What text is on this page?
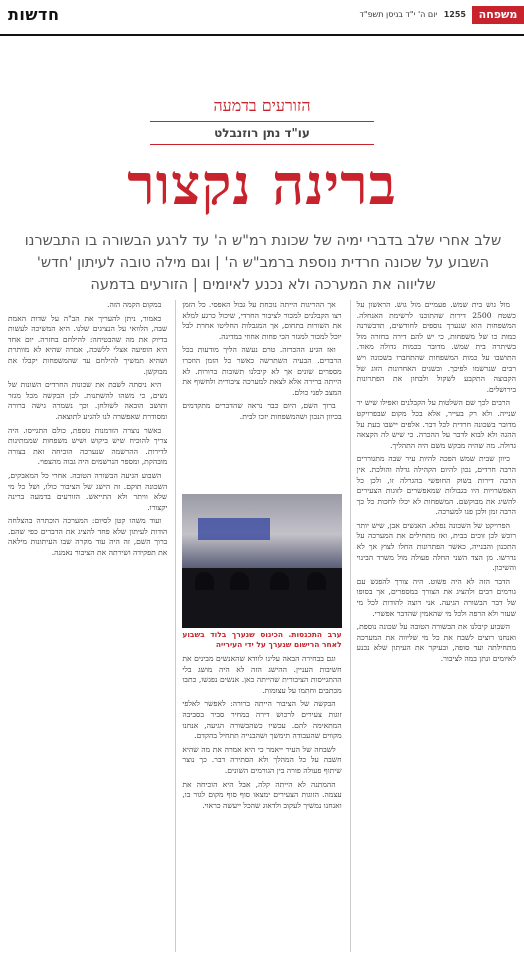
חדשות	1255 יום ה' י"ד בניסן תשפ"ד	משפחה
הזורעים בדמעה
עו"ד נתן רוזנבלט
ברינה נקצור
שלב אחרי שלב בדברי ימיה של שכונת רמ"ש ה' עד לרגע הבשורה בו התבשרנו השבוע על שכונה חרדית נוספת ברמב"ש ה' | וגם מילה טובה לעיתון 'חדש' שליווה את המערכה ולא נכנע לאיומים | הזורעים בדמעה

מול גוש בית שמש. פעמיים מול גוש. הראשון על כשטח 2500 דירות שהתוכנו לרשימת האנחלה. המשפחות הוא שנערך נוספים לחודשים, תדבשרנה כמות כו של משפחות, כי יש להם דירה בחזרה מול בשיתרה בית שמש. מדובר בכמות גדולה מאוד. התושבו על כמות המשפחות שהתחברו בשכונה ויש רבים שנרשמו לפיכך. ובשנים האחרונות הזוג של הקבוצה התקבע לשקול ולבחון את הפתרונות בירושלים.

הרבים לכך שם השלטות על הקבלנים ואפילו שיש יר שנייה. ולא רק בעייר, אלא בכל מקום שבפרויקט מדובר בשכונה חרדית לכל דבר. אלפים יישבו בעת על ההגה ולא לבוא לדבר על ההכרה. כי שיש לה הקצאה גדולה. מה שהיה מבקש משם היה התהליך.

כיוון שבית שמש הפכה להיות עיר שבה מתגוררים הרבה חרדים, נכון להיום הקהילה גדלה והולכת. אין הרבה דירות בשוק החופשי בהגרלה זו, ולכן כל האפשרויות היו בגבולות שמאפשרים לזוגות הצעירים להשיג את מבוקשם. המשפחות לא יכלו לחכות כל כך הרבה זמן ולכן פנו למערכה.

הפרויקט של השכונה נפלא. האנשים אבן, שיש יותר רוכש לכן זוכים בבית, ואז מתחילים את המערכה על התכנון והבנייה, כאשר הפתרונות החלו לצוץ אך לא נדרשו. מן הצד השני החלה פעולה מול משרד הבינוי והשיכון.

הדבר הזה לא היה פשוט. היה צורך להפגש עם גורמים רבים ולהציג את הצורך במספרים, אך בסופו של דבר הבשורה הגיעה. אני רוצה להודות לכל מי שעזר ולא הרפה ולכל מי שהאמין שהדבר אפשרי.

השבוע קיבלנו את הבשורה הטובה על שכונה נוספת, ואנחנו רוצים לשבח את כל מי שליווה את המערכה מתחילתה ועד סופה, ובעיקר את העיתון שלא נכנע לאיומים ונתן במה לציבור.

אך ההריגות הייתה נוכחת על גבול האפסי. כל הזמן רצו הקבלנים למכור לציבור החרדי, שיכול כרגע למלא את השורות בתחום, אך המגבלות החליטו אחרת לבל יוכל למכור למגזר הכי פחות אחוזי במדינה.

ואז הגיע ההכרזה. טרם נעשה הליך מודעות בכל הרבדים. הבעיה השתרשה כאשר כל הזמן הוזכרו מספרים שונים אך לא קיבלנו תשובות ברורות. לא הייתה ברירה אלא לצאת למערכה ציבורית ולחשוף את המצב לפני כולם.

ברוך השם, היום כבר נראה שהדברים מתקדמים בכיוון הנכון ושהמשפחות יזכו לבית.

ערב התכנסות. הכינוס שנערך בלוד בשבוע לאחר הרישום שנערך על ידי העירייה

וגם בבחירה הבאה עלינו לוודא שהאנשים מבינים את חשיבות העניין. ההישג הזה לא היה מושג בלי ההתגייסות הציבורית שהייתה כאן. אנשים נפגשו, כתבו מכתבים וחתמו על עצומות.

הבקשה של הציבור הייתה ברורה: לאפשר לאלפי זוגות צעירים לרכוש דירה במחיר סביר בסביבה המתאימה להם. עכשיו כשהבשורה הגיעה, אנחנו מקווים שהעבודה תימשך ושהבנייה תתחיל בהקדם.

לשבחה של העיר ייאמר כי היא אמרה את מה שהיא חשבה על כל המהלך ולא הסתירה דבר. כך נוצר שיתוף פעולה פורה בין הגורמים השונים.

ההמתנה לא הייתה קלה, אבל היא הוכיחה את עצמה. הזוגות הצעירים ימצאו סוף סוף מקום לגור בו, ואנחנו נמשיך לעקוב ולדאוג שהכל ייעשה כראוי.

במקום הקמה הזה.

כאמור, ניתן להעריך את הב"ה על שדות האמת שבה, הלוואי על הנציגים שלנו. היא המשיכה לעשות בדיוק את מה שהבטיחה: להילחם בחזרה. יום אחד היא הופיעה אצלי ללשכה, אמרה שהיא לא מוותרת ושהיא תמשיך להילחם עד שהמשפחות יקבלו את מבוקשן.

היא ניסתה לשבת את שכונות החרדים השונות של נשים, כי משהו להשתנות. לכן הבקשה מכל מגזר ותושב הובאה לשולחן. וכך נשמרה גישה ברורה ומסודרת שאפשרה לנו להגיע לתוצאה.

כאשר נוצרה הזדמנות נוספת, כולם התגייסו. היה צריך להוכיח שיש ביקוש ושיש משפחות שממתינות לדירות. ההרשמה שנערכה הוכיחה זאת בצורה מובהקת, ומספר הנרשמים היה גבוה מהצפוי.

השבוע הגיעה הבשורה הטובה. אחרי כל המאבקים, השכונה תוקם. זה הישג של הציבור כולו, ושל כל מי שלא וויתר ולא התייאש. הזורעים בדמעה ברינה יקצורו.

ועוד משהו קטן לסיום: המערכה הוכתרה בהצלחה הודות לעיתון שלא פחד להציג את הדברים כפי שהם. ברוך השם, זה היה עוד מקרה שבו העיתונות מילאה את תפקידה ושירתה את הציבור נאמנה.
